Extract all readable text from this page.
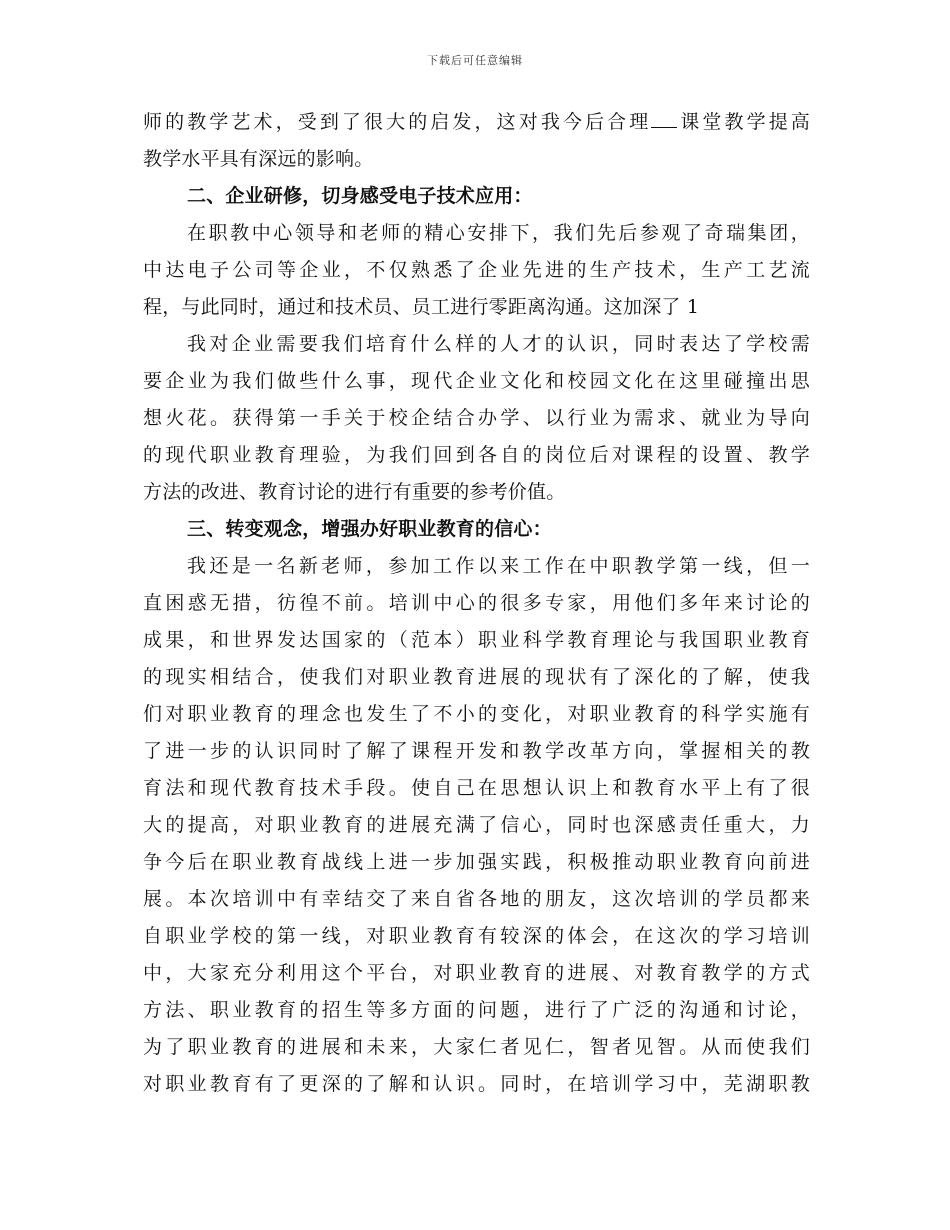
下载后可任意编辑
师的教学艺术，受到了很大的启发，这对我今后合理 课堂教学提高
教学水平具有深远的影响。
二、企业研修，切身感受电子技术应用：
在职教中心领导和老师的精心安排下，我们先后参观了奇瑞集团，
中达电子公司等企业，不仅熟悉了企业先进的生产技术，生产工艺流
程，与此同时，通过和技术员、员工进行零距离沟通。这加深了 1
我对企业需要我们培育什么样的人才的认识，同时表达了学校需
要企业为我们做些什么事，现代企业文化和校园文化在这里碰撞出思
想火花。获得第一手关于校企结合办学、以行业为需求、就业为导向
的现代职业教育理验，为我们回到各自的岗位后对课程的设置、教学
方法的改进、教育讨论的进行有重要的参考价值。
三、转变观念，增强办好职业教育的信心：
我还是一名新老师，参加工作以来工作在中职教学第一线，但一
直困惑无措，彷徨不前。培训中心的很多专家，用他们多年来讨论的
成果，和世界发达国家的（范本）职业科学教育理论与我国职业教育
的现实相结合，使我们对职业教育进展的现状有了深化的了解，使我
们对职业教育的理念也发生了不小的变化，对职业教育的科学实施有
了进一步的认识同时了解了课程开发和教学改革方向，掌握相关的教
育法和现代教育技术手段。使自己在思想认识上和教育水平上有了很
大的提高，对职业教育的进展充满了信心，同时也深感责任重大，力
争今后在职业教育战线上进一步加强实践，积极推动职业教育向前进
展。本次培训中有幸结交了来自省各地的朋友，这次培训的学员都来
自职业学校的第一线，对职业教育有较深的体会，在这次的学习培训
中，大家充分利用这个平台，对职业教育的进展、对教育教学的方式
方法、职业教育的招生等多方面的问题，进行了广泛的沟通和讨论，
为了职业教育的进展和未来，大家仁者见仁，智者见智。从而使我们
对职业教育有了更深的了解和认识。同时，在培训学习中，芜湖职教
